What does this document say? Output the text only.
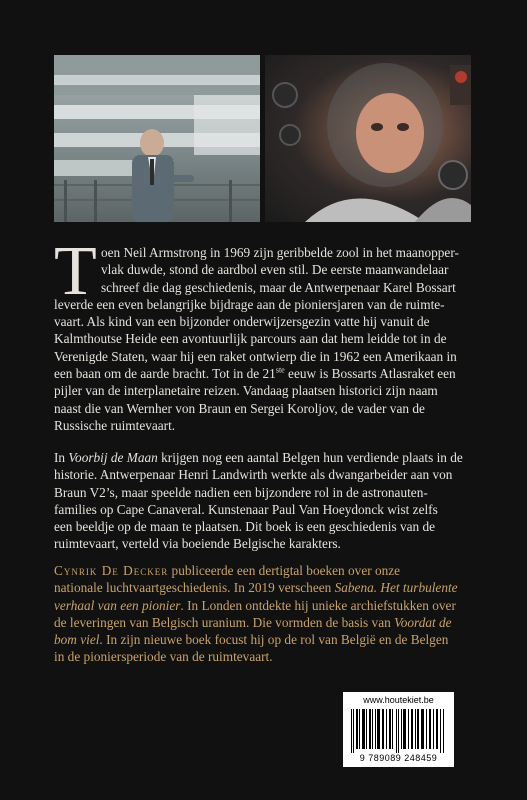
T oen Neil Armstrong in 1969 zijn geribbelde zool in het maanopper-
vlak duwde, stond de aardbol even stil. De eerste maanwandelaar
schreef die dag geschiedenis, maar de Antwerpenaar Karel Bossart
leverde een even belangrijke bijdrage aan de pioniersjaren van de ruimte-
vaart. Als kind van een bijzonder onderwijzersgezin vatte hij vanuit de
Kalmthoutse Heide een avontuurlijk parcours aan dat hem leidde tot in de
Verenigde Staten, waar hij een raket ontwierp die in 1962 een Amerikaan in
een baan om de aarde bracht. Tot in de 21ste eeuw is Bossarts Atlasraket een
pijler van de interplanetaire reizen. Vandaag plaatsen historici zijn naam
naast die van Wernher von Braun en Sergei Koroljov, de vader van de
Russische ruimtevaart.
In Voorbij de Maan krijgen nog een aantal Belgen hun verdiende plaats in de
historie. Antwerpenaar Henri Landwirth werkte als dwangarbeider aan von
Braun V2’s, maar speelde nadien een bijzondere rol in de astronauten-
families op Cape Canaveral. Kunstenaar Paul Van Hoeydonck wist zelfs
een beeldje op de maan te plaatsen. Dit boek is een geschiedenis van de
ruimtevaart, verteld via boeiende Belgische karakters.
Cynrik De Decker publiceerde een dertigtal boeken over onze
nationale luchtvaartgeschiedenis. In 2019 verscheen Sabena. Het turbulente
verhaal van een pionier. In Londen ontdekte hij unieke archiefstukken over
de leveringen van Belgisch uranium. Die vormden de basis van Voordat de
bom viel. In zijn nieuwe boek focust hij op de rol van België en de Belgen
in de pioniersperiode van de ruimtevaart.
www.houtekiet.be
9 789089 248459
